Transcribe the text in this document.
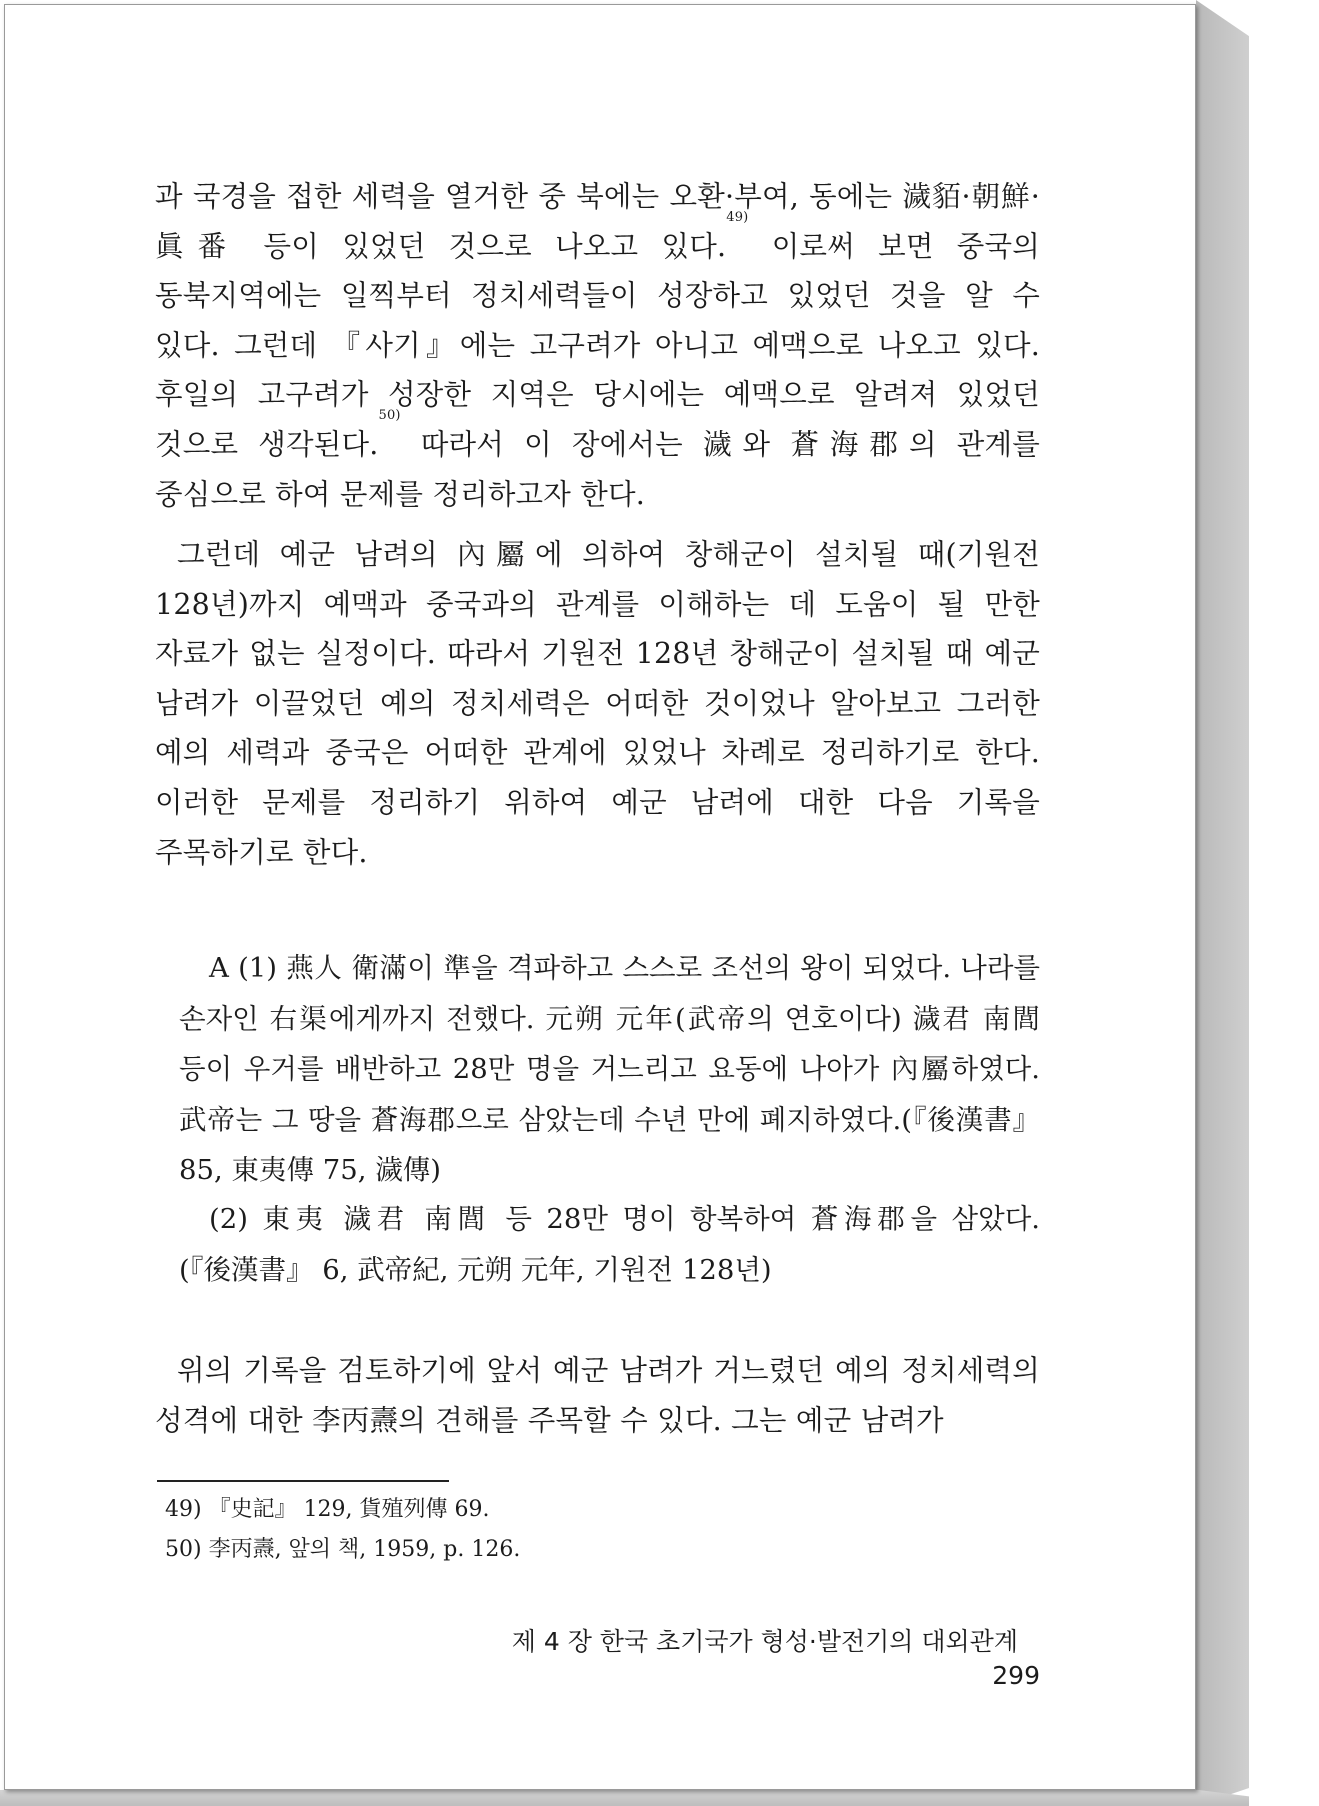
과 국경을 접한 세력을 열거한 중 북에는 오환·부여, 동에는 濊貊·朝鮮·眞番 등이 있었던 것으로 나오고 있다.$^{49)}$ 이로써 보면 중국의 동북지역에는 일찍부터 정치세력들이 성장하고 있었던 것을 알 수 있다. 그런데 『사기』에는 고구려가 아니고 예맥으로 나오고 있다. 후일의 고구려가 성장한 지역은 당시에는 예맥으로 알려져 있었던 것으로 생각된다.$^{50)}$ 따라서 이 장에서는 濊와 蒼海郡의 관계를 중심으로 하여 문제를 정리하고자 한다.

그런데 예군 남려의 內屬에 의하여 창해군이 설치될 때(기원전 128년)까지 예맥과 중국과의 관계를 이해하는 데 도움이 될 만한 자료가 없는 실정이다. 따라서 기원전 128년 창해군이 설치될 때 예군 남려가 이끌었던 예의 정치세력은 어떠한 것이었나 알아보고 그러한 예의 세력과 중국은 어떠한 관계에 있었나 차례로 정리하기로 한다. 이러한 문제를 정리하기 위하여 예군 남려에 대한 다음 기록을 주목하기로 한다.

A (1) 燕人 衛滿이 準을 격파하고 스스로 조선의 왕이 되었다. 나라를 손자인 右渠에게까지 전했다. 元朔 元年(武帝의 연호이다) 濊君 南閭 등이 우거를 배반하고 28만 명을 거느리고 요동에 나아가 內屬하였다. 武帝는 그 땅을 蒼海郡으로 삼았는데 수년 만에 폐지하였다.(『後漢書』 85, 東夷傳 75, 濊傳)

(2) 東夷 濊君 南閭 등 28만 명이 항복하여 蒼海郡을 삼았다.(『後漢書』 6, 武帝紀, 元朔 元年, 기원전 128년)

위의 기록을 검토하기에 앞서 예군 남려가 거느렸던 예의 정치세력의 성격에 대한 李丙燾의 견해를 주목할 수 있다. 그는 예군 남려가

49) 『史記』 129, 貨殖列傳 69.

50) 李丙燾, 앞의 책, 1959, p. 126.

제 4 장 한국 초기국가 형성·발전기의 대외관계299
